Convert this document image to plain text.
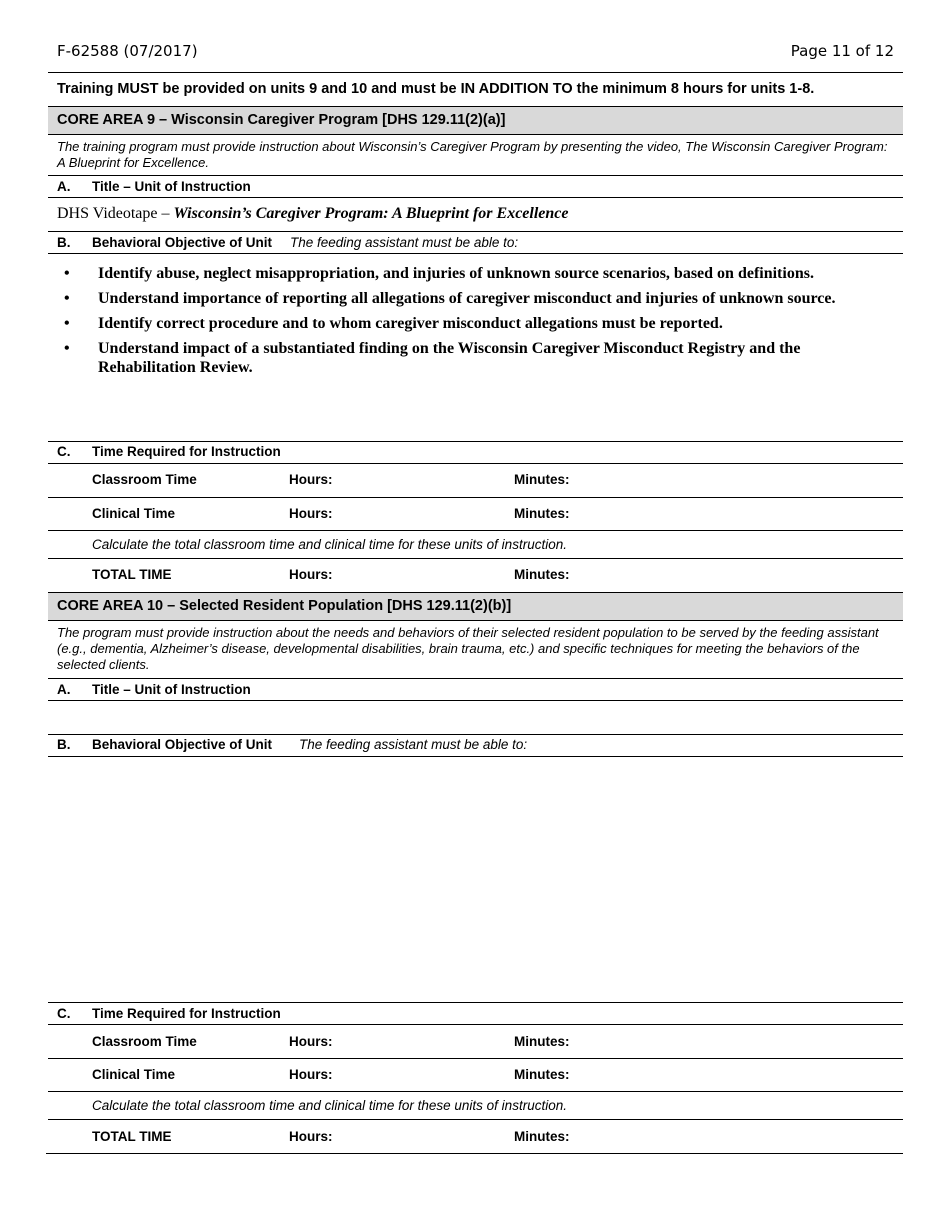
F-62588 (07/2017)	Page 11 of 12
Training MUST be provided on units 9 and 10 and must be IN ADDITION TO the minimum 8 hours for units 1-8.
CORE AREA 9 – Wisconsin Caregiver Program [DHS 129.11(2)(a)]
The training program must provide instruction about Wisconsin’s Caregiver Program by presenting the video, The Wisconsin Caregiver Program: A Blueprint for Excellence.
A. Title – Unit of Instruction
DHS Videotape – Wisconsin’s Caregiver Program: A Blueprint for Excellence
B. Behavioral Objective of Unit The feeding assistant must be able to:
• Identify abuse, neglect misappropriation, and injuries of unknown source scenarios, based on definitions.
• Understand importance of reporting all allegations of caregiver misconduct and injuries of unknown source.
• Identify correct procedure and to whom caregiver misconduct allegations must be reported.
• Understand impact of a substantiated finding on the Wisconsin Caregiver Misconduct Registry and the Rehabilitation Review.
C. Time Required for Instruction
Classroom Time	Hours:	Minutes:
Clinical Time	Hours:	Minutes:
Calculate the total classroom time and clinical time for these units of instruction.
TOTAL TIME	Hours:	Minutes:
CORE AREA 10 – Selected Resident Population [DHS 129.11(2)(b)]
The program must provide instruction about the needs and behaviors of their selected resident population to be served by the feeding assistant (e.g., dementia, Alzheimer’s disease, developmental disabilities, brain trauma, etc.) and specific techniques for meeting the behaviors of the selected clients.
A. Title – Unit of Instruction
B. Behavioral Objective of Unit The feeding assistant must be able to:
C. Time Required for Instruction
Classroom Time	Hours:	Minutes:
Clinical Time	Hours:	Minutes:
Calculate the total classroom time and clinical time for these units of instruction.
TOTAL TIME	Hours:	Minutes:
